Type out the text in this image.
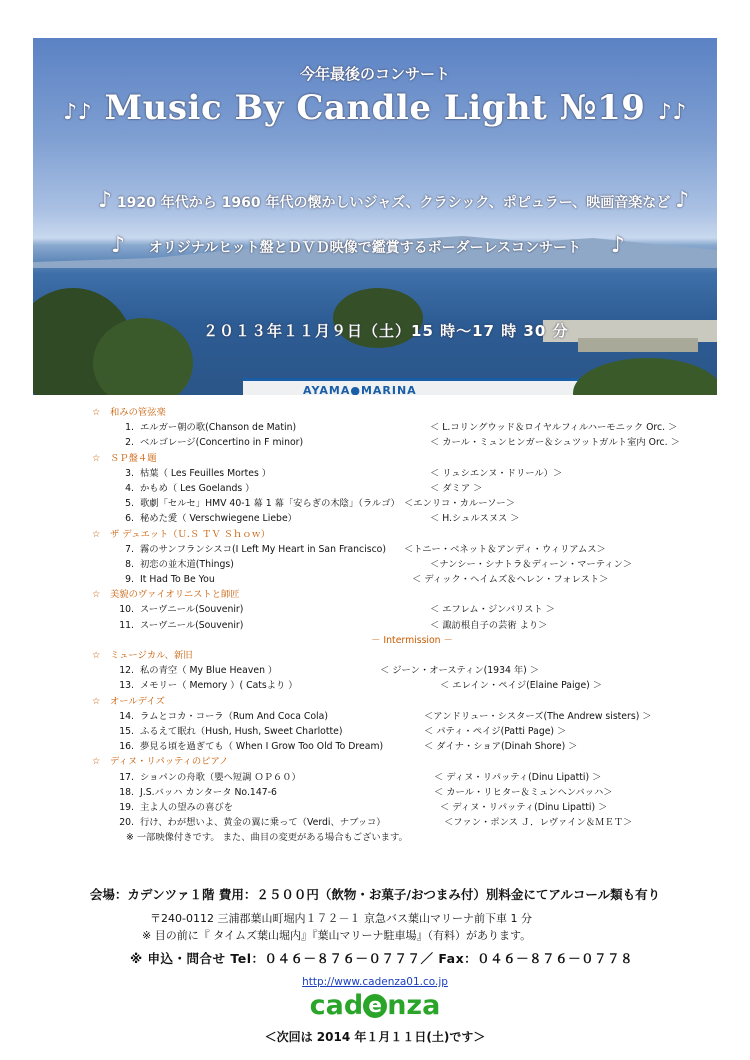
AYAMA●MARINA
今年最後のコンサート
♪♪ Music By Candle Light №19 ♪♪
♪ 1920 年代から 1960 年代の懐かしいジャズ、クラシック、ポピュラー、映画音楽など ♪
♪ オリジナルヒット盤とＤＶＤ映像で鑑賞するボーダーレスコンサート ♪
２０１３年１１月９日（土）15 時～17 時 30 分
☆ 和みの管弦楽
1. エルガー朝の歌(Chanson de Matin)	＜ L.コリングウッド＆ロイヤルフィルハーモニック Orc. ＞
2. ベルゴレージ(Concertino in F minor)	＜ カール・ミュンヒンガー＆シュツットガルト室内 Orc. ＞
☆ ＳＰ盤４題
3. 枯葉（ Les Feuilles Mortes ）	＜ リュシエンヌ・ドリール）＞
4. かもめ（ Les Goelands ）	＜ ダミア ＞
5. 歌劇「セルセ」HMV 40-1 幕 1 幕「安らぎの木陰」（ラルゴ） ＜エンリコ・カルーソー＞
6. 秘めた愛（ Verschwiegene Liebe）	＜ H.シュルスヌス ＞
☆ ザ デュエット（Ｕ.Ｓ ＴＶ Ｓｈｏｗ）
7. 霧のサンフランシスコ(I Left My Heart in San Francisco) ＜トニー・ベネット＆アンディ・ウィリアムス＞
8. 初恋の並木道(Things)	＜ナンシー・シナトラ＆ディーン・マーティン＞
9. It Had To Be You	＜ ディック・ヘイムズ＆ヘレン・フォレスト＞
☆ 美貌のヴァイオリニストと師匠
10. スーヴニール(Souvenir)	＜ エフレム・ジンバリスト ＞
11. スーヴニール(Souvenir)	＜ 諏訪根自子の芸術 より＞
－ Intermission －
☆ ミュージカル、新旧
12. 私の青空（ My Blue Heaven ）	＜ ジーン・オースティン(1934 年) ＞
13. メモリー（ Memory ）( Catsより ）	＜ エレイン・ペイジ(Elaine Paige) ＞
☆ オールデイズ
14. ラムとコカ・コーラ（Rum And Coca Cola)	＜アンドリュー・シスターズ(The Andrew sisters) ＞
15. ふるえて眠れ（Hush, Hush, Sweet Charlotte)	＜ パティ・ペイジ(Patti Page) ＞
16. 夢見る頃を過ぎても（ When I Grow Too Old To Dream)	＜ ダイナ・ショア(Dinah Shore) ＞
☆ ディヌ・リパッティのピアノ
17. ショパンの舟歌（嬰ヘ短調 ＯＰ６０）	＜ ディヌ・リパッティ(Dinu Lipatti) ＞
18. J.S.バッハ カンタータ No.147-6	＜ カール・リヒター＆ミュンヘンバッハ＞
19. 主よ人の望みの喜びを	＜ ディヌ・リパッティ(Dinu Lipatti) ＞
20. 行け、わが想いよ、黄金の翼に乗って（Verdi、ナブッコ）	＜ファン・ポンス Ｊ．レヴァイン＆ＭＥＴ＞
※ 一部映像付きです。 また、曲目の変更がある場合もございます。
会場：カデンツァ１階 費用：２５００円（飲物・お菓子/おつまみ付）別料金にてアルコール類も有り
〒240-0112 三浦郡葉山町堀内１７２－１ 京急バス葉山マリーナ前下車 1 分
※ 目の前に『 タイムズ葉山堀内』『葉山マリーナ駐車場』（有料）があります。
※ 申込・問合せ Tel：０４６－８７６－０７７７／ Fax：０４６－８７６－０７７８
http://www.cadenza01.co.jp
cad e nza
＜次回は 2014 年１月１１日(土)です＞
